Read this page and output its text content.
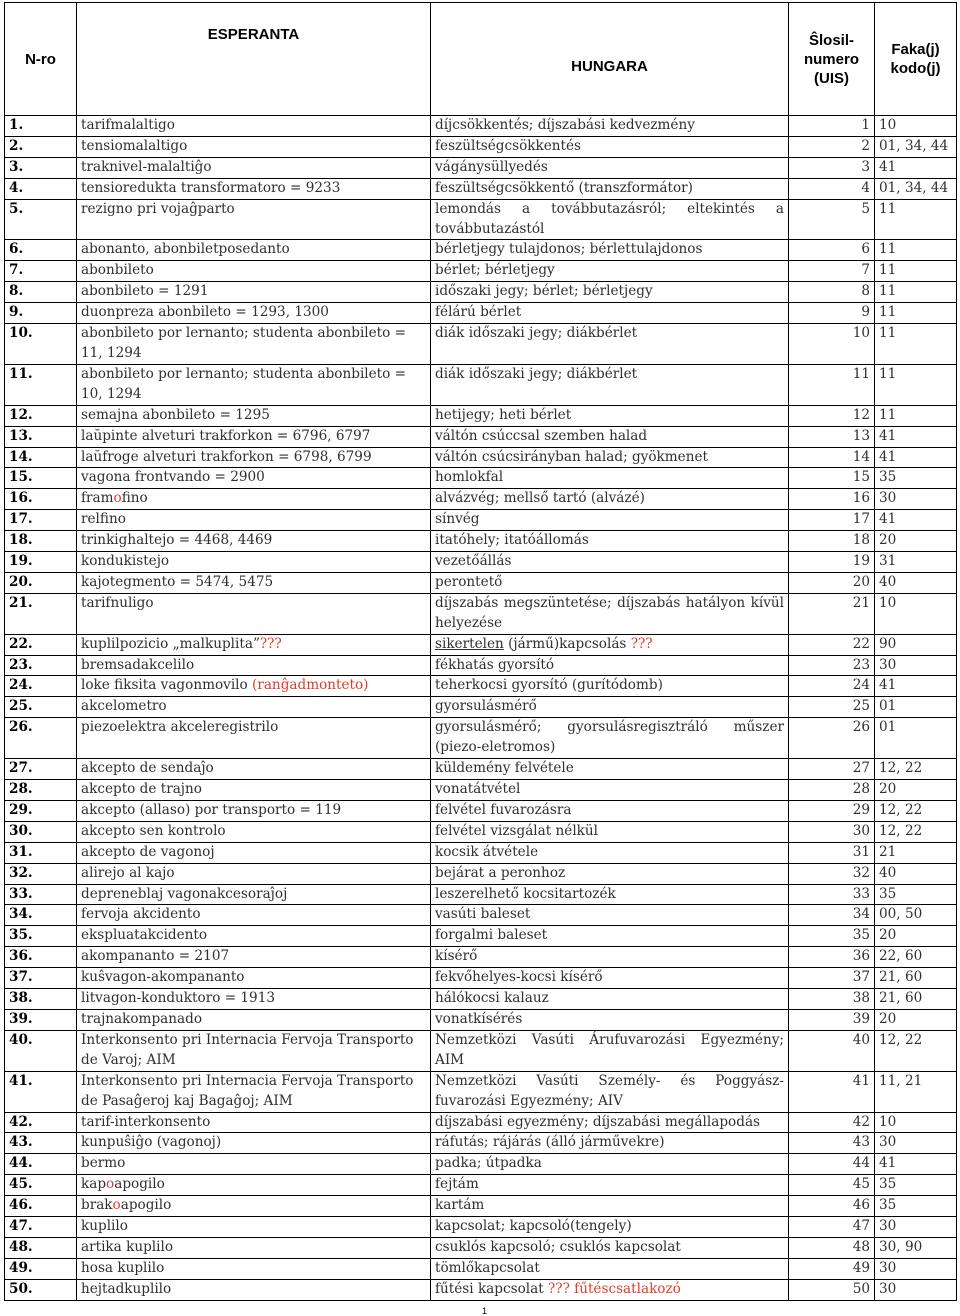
N-ro	ESPERANTA	HUNGARA	Ŝlosil-numero (UIS)	Faka(j) kodo(j)
1.	tarifmalaltigo	díjcsökkentés; díjszabási kedvezmény	1	10
2.	tensiomalaltigo	feszültségcsökkentés	2	01, 34, 44
3.	traknivel-malaltiĝo	vágánysüllyedés	3	41
4.	tensioredukta transformatoro = 9233	feszültségcsökkentő (transzformátor)	4	01, 34, 44
5.	rezigno pri vojaĝparto	lemondás a továbbutazásról; eltekintés a továbbutazástól	5	11
6.	abonanto, abonbiletposedanto	bérletjegy tulajdonos; bérlettulajdonos	6	11
7.	abonbileto	bérlet; bérletjegy	7	11
8.	abonbileto = 1291	időszaki jegy; bérlet; bérletjegy	8	11
9.	duonpreza abonbileto = 1293, 1300	félárú bérlet	9	11
10.	abonbileto por lernanto; studenta abonbileto = 11, 1294	diák időszaki jegy; diákbérlet	10	11
11.	abonbileto por lernanto; studenta abonbileto = 10, 1294	diák időszaki jegy; diákbérlet	11	11
12.	semajna abonbileto = 1295	hetijegy; heti bérlet	12	11
13.	laŭpinte alveturi trakforkon = 6796, 6797	váltón csúccsal szemben halad	13	41
14.	laŭfroge alveturi trakforkon = 6798, 6799	váltón csúcsirányban halad; gyökmenet	14	41
15.	vagona frontvando = 2900	homlokfal	15	35
16.	framofino	alvázvég; mellső tartó (alvázé)	16	30
17.	relfino	sínvég	17	41
18.	trinkighaltejo = 4468, 4469	itatóhely; itatóállomás	18	20
19.	kondukistejo	vezetőállás	19	31
20.	kajotegmento = 5474, 5475	perontető	20	40
21.	tarifnuligo	díjszabás megszüntetése; díjszabás hatályon kívül helyezése	21	10
22.	kuplilpozicio „malkuplita”???	sikertelen (jármű)kapcsolás ???	22	90
23.	bremsadakcelilo	fékhatás gyorsító	23	30
24.	loke fiksita vagonmovilo (ranĝadmonteto)	teherkocsi gyorsító (gurítódomb)	24	41
25.	akcelometro	gyorsulásmérő	25	01
26.	piezoelektra akceleregistrilo	gyorsulásmérő; gyorsulásregisztráló műszer (piezo-eletromos)	26	01
27.	akcepto de sendaĵo	küldemény felvétele	27	12, 22
28.	akcepto de trajno	vonatátvétel	28	20
29.	akcepto (allaso) por transporto = 119	felvétel fuvarozásra	29	12, 22
30.	akcepto sen kontrolo	felvétel vizsgálat nélkül	30	12, 22
31.	akcepto de vagonoj	kocsik átvétele	31	21
32.	alirejo al kajo	bejárat a peronhoz	32	40
33.	depreneblaj vagonakcesoraĵoj	leszerelhető kocsitartozék	33	35
34.	fervoja akcidento	vasúti baleset	34	00, 50
35.	ekspluatakcidento	forgalmi baleset	35	20
36.	akompananto = 2107	kísérő	36	22, 60
37.	kuŝvagon-akompananto	fekvőhelyes-kocsi kísérő	37	21, 60
38.	litvagon-konduktoro = 1913	hálókocsi kalauz	38	21, 60
39.	trajnakompanado	vonatkísérés	39	20
40.	Interkonsento pri Internacia Fervoja Transporto de Varoj; AIM	Nemzetközi Vasúti Árufuvarozási Egyezmény; AIM	40	12, 22
41.	Interkonsento pri Internacia Fervoja Transporto de Pasaĝeroj kaj Bagaĝoj; AIM	Nemzetközi Vasúti Személy- és Poggyász-fuvarozási Egyezmény; AIV	41	11, 21
42.	tarif-interkonsento	díjszabási egyezmény; díjszabási megállapodás	42	10
43.	kunpuŝiĝo (vagonoj)	ráfutás; rájárás (álló járművekre)	43	30
44.	bermo	padka; útpadka	44	41
45.	kapoapogilo	fejtám	45	35
46.	brakoapogilo	kartám	46	35
47.	kuplilo	kapcsolat; kapcsoló(tengely)	47	30
48.	artika kuplilo	csuklós kapcsoló; csuklós kapcsolat	48	30, 90
49.	hosa kuplilo	tömlőkapcsolat	49	30
50.	hejtadkuplilo	fűtési kapcsolat ??? fűtéscsatlakozó	50	30
1
